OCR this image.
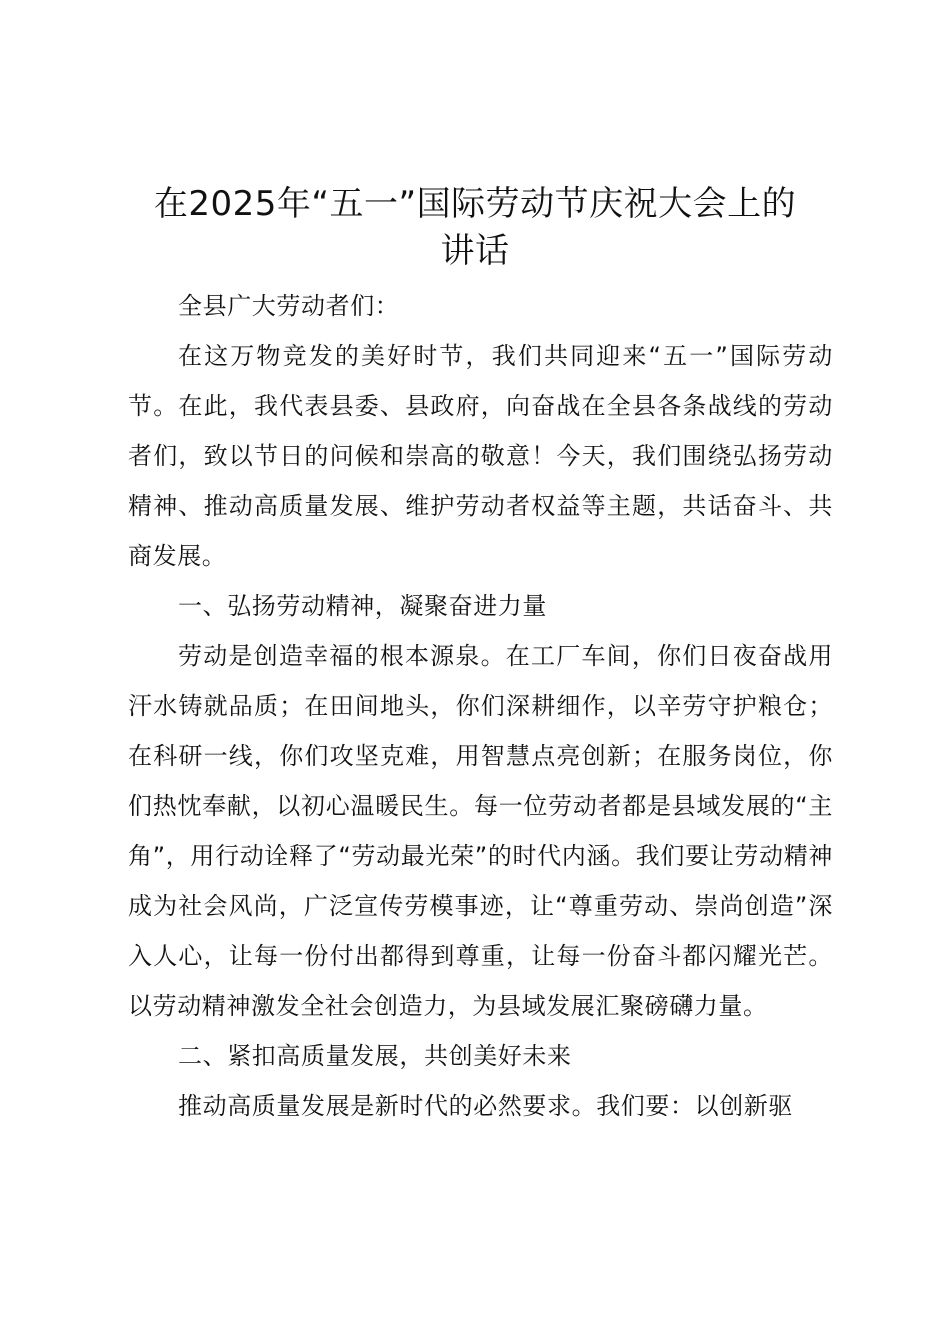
在2025年“五一”国际劳动节庆祝大会上的
讲话

全县广大劳动者们：

在这万物竞发的美好时节，我们共同迎来“五一”国际劳动节。在此，我代表县委、县政府，向奋战在全县各条战线的劳动者们，致以节日的问候和崇高的敬意！今天，我们围绕弘扬劳动精神、推动高质量发展、维护劳动者权益等主题，共话奋斗、共商发展。

一、弘扬劳动精神，凝聚奋进力量

劳动是创造幸福的根本源泉。在工厂车间，你们日夜奋战用汗水铸就品质；在田间地头，你们深耕细作，以辛劳守护粮仓；在科研一线，你们攻坚克难，用智慧点亮创新；在服务岗位，你们热忱奉献，以初心温暖民生。每一位劳动者都是县域发展的“主角”，用行动诠释了“劳动最光荣”的时代内涵。我们要让劳动精神成为社会风尚，广泛宣传劳模事迹，让“尊重劳动、崇尚创造”深入人心，让每一份付出都得到尊重，让每一份奋斗都闪耀光芒。以劳动精神激发全社会创造力，为县域发展汇聚磅礴力量。

二、紧扣高质量发展，共创美好未来

推动高质量发展是新时代的必然要求。我们要：以创新驱
